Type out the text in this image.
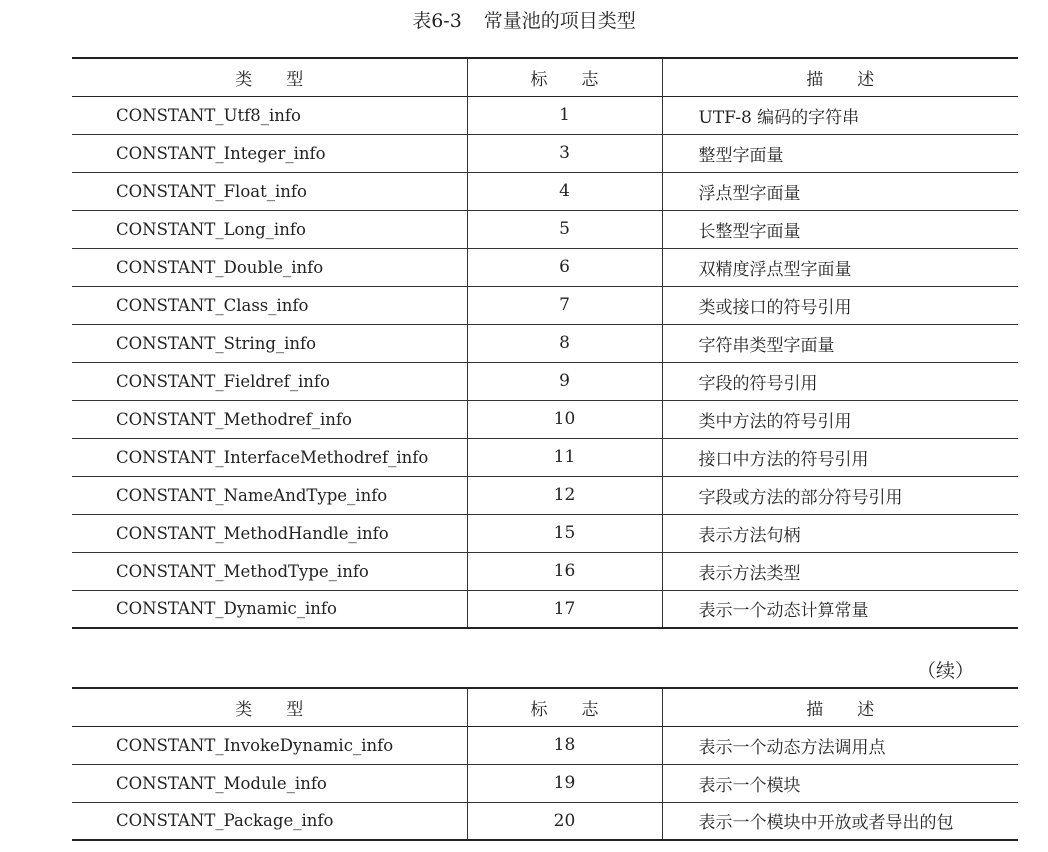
表6-3 常量池的项目类型
类　　型	标　　志	描　　述
CONSTANT_Utf8_info	1	UTF-8 编码的字符串
CONSTANT_Integer_info	3	整型字面量
CONSTANT_Float_info	4	浮点型字面量
CONSTANT_Long_info	5	长整型字面量
CONSTANT_Double_info	6	双精度浮点型字面量
CONSTANT_Class_info	7	类或接口的符号引用
CONSTANT_String_info	8	字符串类型字面量
CONSTANT_Fieldref_info	9	字段的符号引用
CONSTANT_Methodref_info	10	类中方法的符号引用
CONSTANT_InterfaceMethodref_info	11	接口中方法的符号引用
CONSTANT_NameAndType_info	12	字段或方法的部分符号引用
CONSTANT_MethodHandle_info	15	表示方法句柄
CONSTANT_MethodType_info	16	表示方法类型
CONSTANT_Dynamic_info	17	表示一个动态计算常量
（续）
类　　型	标　　志	描　　述
CONSTANT_InvokeDynamic_info	18	表示一个动态方法调用点
CONSTANT_Module_info	19	表示一个模块
CONSTANT_Package_info	20	表示一个模块中开放或者导出的包
